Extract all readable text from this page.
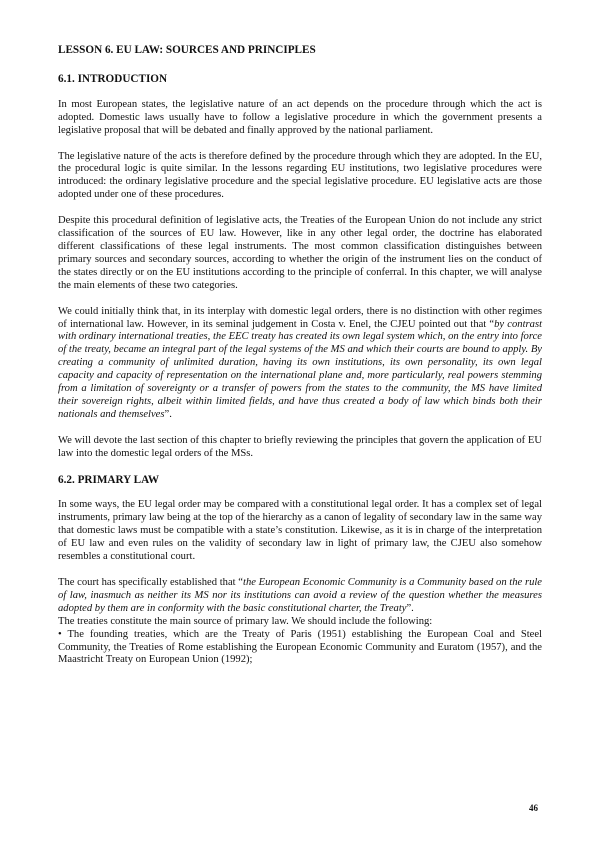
LESSON 6. EU LAW: SOURCES AND PRINCIPLES
6.1. INTRODUCTION

In most European states, the legislative nature of an act depends on the procedure through which the act is adopted. Domestic laws usually have to follow a legislative procedure in which the government presents a legislative proposal that will be debated and finally approved by the national parliament.

The legislative nature of the acts is therefore defined by the procedure through which they are adopted. In the EU, the procedural logic is quite similar. In the lessons regarding EU institutions, two legislative procedures were introduced: the ordinary legislative procedure and the special legislative procedure. EU legislative acts are those adopted under one of these procedures.

Despite this procedural definition of legislative acts, the Treaties of the European Union do not include any strict classification of the sources of EU law. However, like in any other legal order, the doctrine has elaborated different classifications of these legal instruments. The most common classification distinguishes between primary sources and secondary sources, according to whether the origin of the instrument lies on the conduct of the states directly or on the EU institutions according to the principle of conferral. In this chapter, we will analyse the main elements of these two categories.

We could initially think that, in its interplay with domestic legal orders, there is no distinction with other regimes of international law. However, in its seminal judgement in Costa v. Enel, the CJEU pointed out that “by contrast with ordinary international treaties, the EEC treaty has created its own legal system which, on the entry into force of the treaty, became an integral part of the legal systems of the MS and which their courts are bound to apply. By creating a community of unlimited duration, having its own institutions, its own personality, its own legal capacity and capacity of representation on the international plane and, more particularly, real powers stemming from a limitation of sovereignty or a transfer of powers from the states to the community, the MS have limited their sovereign rights, albeit within limited fields, and have thus created a body of law which binds both their nationals and themselves”.

We will devote the last section of this chapter to briefly reviewing the principles that govern the application of EU law into the domestic legal orders of the MSs.

6.2. PRIMARY LAW

In some ways, the EU legal order may be compared with a constitutional legal order. It has a complex set of legal instruments, primary law being at the top of the hierarchy as a canon of legality of secondary law in the same way that domestic laws must be compatible with a state’s constitution. Likewise, as it is in charge of the interpretation of EU law and even rules on the validity of secondary law in light of primary law, the CJEU also somehow resembles a constitutional court.

The court has specifically established that “the European Economic Community is a Community based on the rule of law, inasmuch as neither its MS nor its institutions can avoid a review of the question whether the measures adopted by them are in conformity with the basic constitutional charter, the Treaty”.

The treaties constitute the main source of primary law. We should include the following:

• The founding treaties, which are the Treaty of Paris (1951) establishing the European Coal and Steel Community, the Treaties of Rome establishing the European Economic Community and Euratom (1957), and the Maastricht Treaty on European Union (1992);

46
